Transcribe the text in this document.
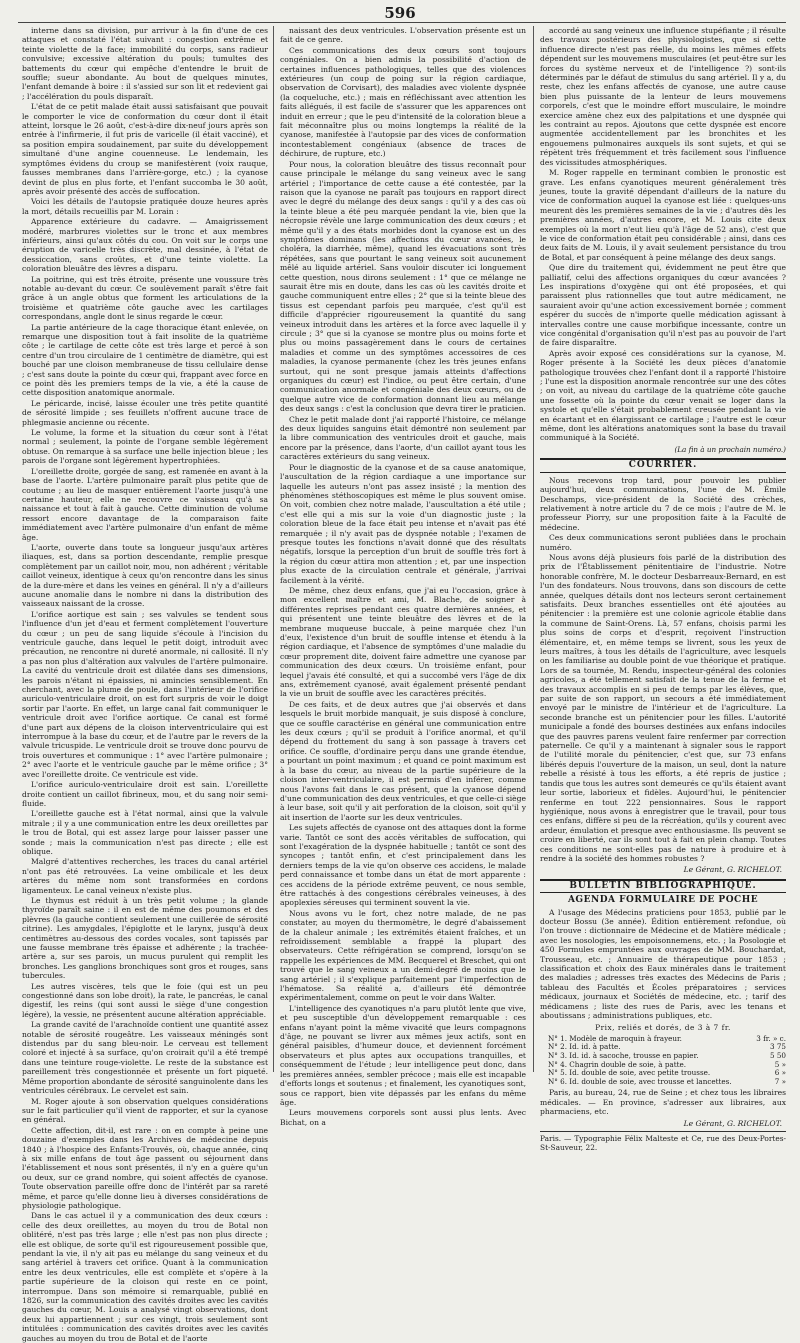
596

interne dans sa division, pur arrivur à la fin d'une de ces attaques et constaté l'état suivant : congestion extrême et teinte violette de la face; immobilité du corps, sans radieur convulsive; excessive altération du pouls; tumultes des battements du cœur qui empêche d'entendre le bruit de souffle; sueur abondante. Au bout de quelques minutes, l'enfant demande à boire : il s'assied sur son lit et redevient gai ; l'accélération du pouls disparaît.

L'état de ce petit malade était aussi satisfaisant que pouvait le comporter le vice de conformation du cœur dont il était atteint, lorsque le 26 août, c'est-à-dire dix-neuf jours après son entrée à l'infirmerie, il fut pris de varicelle (il était vacciné), et sa position empira soudainement, par suite du développement simultané d'une angine couenneuse. Le lendemain, les symptômes évidens du croup se manifestèrent (voix rauque, fausses membranes dans l'arrière-gorge, etc.) ; la cyanose devint de plus en plus forte, et l'enfant succomba le 30 août, après avoir présenté des accès de suffocation.

Voici les détails de l'autopsie pratiquée douze heures après la mort, détails recueillis par M. Lorain :

Apparence extérieure du cadavre. — Amaigrissement modéré, marbrures violettes sur le tronc et aux membres inférieurs, ainsi qu'aux côtés du cou. On voit sur le corps une éruption de varicelle très discrète, mal dessinée, à l'état de dessiccation, sans croûtes, et d'une teinte violette. La coloration bleuâtre des lèvres a disparu.

La poitrine, qui est très étroite, présente une voussure très notable au-devant du cœur. Ce soulèvement paraît s'être fait grâce à un angle obtus que forment les articulations de la troisième et quatrième côte gauche avec les cartilages correspondans, angle dont le sinus regarde le cœur.

La partie antérieure de la cage thoracique étant enlevée, on remarque une disposition tout à fait insolite de la quatrième côte ; le cartilage de cette côte est très large et percé à son centre d'un trou circulaire de 1 centimètre de diamètre, qui est bouché par une cloison membraneuse de tissu cellulaire dense ; c'est sans doute la pointe du cœur qui, frappant avec force en ce point dès les premiers temps de la vie, a été la cause de cette disposition anatomique anormale.

Le péricarde, incisé, laisse écouler une très petite quantité de sérosité limpide ; ses feuillets n'offrent aucune trace de phlegmasie ancienne ou récente.

Le volume, la forme et la situation du cœur sont à l'état normal ; seulement, la pointe de l'organe semble légèrement obtuse. On remarque à sa surface une belle injection bleue ; les parois de l'organe sont légèrement hypertrophiées.

L'oreillette droite, gorgée de sang, est ramenée en avant à la base de l'aorte. L'artère pulmonaire paraît plus petite que de coutume ; au lieu de masquer entièrement l'aorte jusqu'à une certaine hauteur, elle ne recouvre ce vaisseau qu'à sa naissance et tout à fait à gauche. Cette diminution de volume ressort encore davantage de la comparaison faite immédiatement avec l'artère pulmonaire d'un enfant de même âge.

L'aorte, ouverte dans toute sa longueur jusqu'aux artères iliaques, est, dans sa portion descendante, remplie presque complètement par un caillot noir, mou, non adhérent ; véritable caillot veineux, identique à ceux qu'on rencontre dans les sinus de la dure-mère et dans les veines en général. Il n'y a d'ailleurs aucune anomalie dans le nombre ni dans la distribution des vaisseaux naissant de la crosse.

L'orifice aortique est sain ; ses valvules se tendent sous l'influence d'un jet d'eau et ferment complètement l'ouverture du cœur ; un peu de sang liquide s'écoule à l'incision du ventricule gauche, dans lequel le petit doigt, introduit avec précaution, ne rencontre ni dureté anormale, ni callosité. Il n'y a pas non plus d'altération aux valvules de l'artère pulmonaire. La cavité du ventricule droit est dilatée dans ses dimensions, les parois n'étant ni épaissies, ni amincies sensiblement. En cherchant, avec la plume de poule, dans l'intérieur de l'orifice auriculo-ventriculaire droit, on est fort surpris de voir le doigt sortir par l'aorte. En effet, un large canal fait communiquer le ventricule droit avec l'orifice aortique. Ce canal est formé d'une part aux dépens de la cloison interventriculaire qui est interrompue à la base du cœur, et de l'autre par le revers de la valvule tricuspide. Le ventricule droit se trouve donc pourvu de trois ouvertures et communique : 1° avec l'artère pulmonaire ; 2° avec l'aorte et le ventricule gauche par le même orifice ; 3° avec l'oreillette droite. Ce ventricule est vide.

L'orifice auriculo-ventriculaire droit est sain. L'oreillette droite contient un caillot fibrineux, mou, et du sang noir semi-fluide.

L'oreillette gauche est à l'état normal, ainsi que la valvule mitrale ; il y a une communication entre les deux oreillettes par le trou de Botal, qui est assez large pour laisser passer une sonde ; mais la communication n'est pas directe ; elle est oblique.

Malgré d'attentives recherches, les traces du canal artériel n'ont pas été retrouvées. La veine ombilicale et les deux artères du même nom sont transformées en cordons ligamenteux. Le canal veineux n'existe plus.

Le thymus est réduit à un très petit volume ; la glande thyroïde paraît saine : il en est de même des poumons et des plèvres (la gauche contient seulement une cuillerée de sérosité citrine). Les amygdales, l'épiglotte et le larynx, jusqu'à deux centimètres au-dessous des cordes vocales, sont tapissés par une fausse membrane très épaisse et adhérente ; la trachée-artère a, sur ses parois, un mucus purulent qui remplit les bronches. Les ganglions bronchiques sont gros et rouges, sans tubercules.

Les autres viscères, tels que le foie (qui est un peu congestionné dans son lobe droit), la rate, le pancréas, le canal digestif, les reins (qui sont aussi le siège d'une congestion légère), la vessie, ne présentent aucune altération appréciable.

La grande cavité de l'arachnoïde contient une quantité assez notable de sérosité rougeâtre. Les vaisseaux méningés sont distendus par du sang bleu-noir. Le cerveau est tellement coloré et injecté à sa surface, qu'on croirait qu'il a été trempé dans une teinture rouge-violette. Le reste de la substance est pareillement très congestionnée et présente un fort piqueté. Même proportion abondante de sérosité sanguinolente dans les ventricules cérébraux. Le cervelet est sain.

M. Roger ajoute à son observation quelques considérations sur le fait particulier qu'il vient de rapporter, et sur la cyanose en général.

Cette affection, dit-il, est rare : on en compte à peine une douzaine d'exemples dans les Archives de médecine depuis 1840 ; à l'hospice des Enfants-Trouvés, où, chaque année, cinq à six mille enfans de tout âge passent ou séjournent dans l'établissement et nous sont présentés, il n'y en a guère qu'un ou deux, sur ce grand nombre, qui soient affectés de cyanose. Toute observation pareille offre donc de l'intérêt par sa rareté même, et parce qu'elle donne lieu à diverses considérations de physiologie pathologique.

Dans le cas actuel il y a communication des deux cœurs : celle des deux oreillettes, au moyen du trou de Botal non oblitéré, n'est pas très large ; elle n'est pas non plus directe ; elle est oblique, de sorte qu'il est rigoureusement possible que, pendant la vie, il n'y ait pas eu mélange du sang veineux et du sang artériel à travers cet orifice. Quant à la communication entre les deux ventricules, elle est complète et s'opère à la partie supérieure de la cloison qui reste en ce point, interrompue. Dans son mémoire si remarquable, publié en 1826, sur la communication des cavités droites avec les cavités gauches du cœur, M. Louis a analysé vingt observations, dont deux lui appartiennent ; sur ces vingt, trois seulement sont intitulées : communication des cavités droites avec les cavités gauches au moyen du trou de Botal et de l'aorte

naissant des deux ventricules. L'observation présente est un fait de ce genre.

Ces communications des deux cœurs sont toujours congéniales. On a bien admis la possibilité d'action de certaines influences pathologiques, telles que des violences extérieures (un coup de poing sur la région cardiaque, observation de Corvisart), des maladies avec violente dyspnée (la coqueluche, etc.) ; mais en réfléchissant avec attention les faits allégués, il est facile de s'assurer que les apparences ont induit en erreur ; que le peu d'intensité de la coloration bleue a fait méconnaître plus ou moins longtemps la réalité de la cyanose, manifestée à l'autopsie par des vices de conformation incontestablement congéniaux (absence de traces de déchirure, de rupture, etc.)

Pour nous, la coloration bleuâtre des tissus reconnaît pour cause principale le mélange du sang veineux avec le sang artériel ; l'importance de cette cause a été contestée, par la raison que la cyanose ne paraît pas toujours en rapport direct avec le degré du mélange des deux sangs : qu'il y a des cas où la teinte bleue a été peu marquée pendant la vie, bien que la nécropsie révèle une large communication des deux cœurs ; et même qu'il y a des états morbides dont la cyanose est un des symptômes dominans (les affections du cœur avancées, le choléra, la diarrhée, même), quand les évacuations sont très répétées, sans que pourtant le sang veineux soit aucunement mêlé au liquide artériel. Sans vouloir discuter ici longuement cette question, nous dirons seulement : 1° que ce mélange ne saurait être mis en doute, dans les cas où les cavités droite et gauche communiquent entre elles ; 2° que si la teinte bleue des tissus est cependant parfois peu marquée, c'est qu'il est difficile d'apprécier rigoureusement la quantité du sang veineux introduit dans les artères et la force avec laquelle il y circule ; 3° que si la cyanose se montre plus ou moins forte et plus ou moins passagèrement dans le cours de certaines maladies et comme un des symptômes accessoires de ces maladies, la cyanose permanente (chez les très jeunes enfans surtout, qui ne sont presque jamais atteints d'affections organiques du cœur) est l'indice, ou peut être certain, d'une communication anormale et congéniale des deux cœurs, ou de quelque autre vice de conformation donnant lieu au mélange des deux sangs : c'est la conclusion que devra tirer le praticien.

Chez le petit malade dont j'ai rapporté l'histoire, ce mélange des deux liquides sanguins était démontré non seulement par la libre communication des ventricules droit et gauche, mais encore par la présence, dans l'aorte, d'un caillot ayant tous les caractères extérieurs du sang veineux.

Pour le diagnostic de la cyanose et de sa cause anatomique, l'auscultation de la région cardiaque a une importance sur laquelle les auteurs n'ont pas assez insisté ; la mention des phénomènes stéthoscopiques est même le plus souvent omise. On voit, combien chez notre malade, l'auscultation a été utile ; c'est elle qui a mis sur la voie d'un diagnostic juste ; la coloration bleue de la face était peu intense et n'avait pas été remarquée ; il n'y avait pas de dyspnée notable ; l'examen de presque toutes les fonctions n'avait donné que des résultats négatifs, lorsque la perception d'un bruit de souffle très fort à la région du cœur attira mon attention ; et, par une inspection plus exacte de la circulation centrale et générale, j'arrivai facilement à la vérité.

De même, chez deux enfans, que j'ai eu l'occasion, grâce à mon excellent maître et ami, M. Blache, de soigner à différentes reprises pendant ces quatre dernières années, et qui présentent une teinte bleuâtre des lèvres et de la membrane muqueuse buccale, à peine marquée chez l'un d'eux, l'existence d'un bruit de souffle intense et étendu à la région cardiaque, et l'absence de symptômes d'une maladie du cœur proprement dite, doivent faire admettre une cyanose par communication des deux cœurs. Un troisième enfant, pour lequel j'avais été consulté, et qui a succombé vers l'âge de dix ans, extrêmement cyanosé, avait également présenté pendant la vie un bruit de souffle avec les caractères précités.

De ces faits, et de deux autres que j'ai observés et dans lesquels le bruit morbide manquait, je suis disposé à conclure, que ce souffle caractérise en général une communication entre les deux cœurs ; qu'il se produit à l'orifice anormal, et qu'il dépend du frottement du sang à son passage à travers cet orifice. Ce souffle, d'ordinaire perçu dans une grande étendue, a pourtant un point maximum ; et quand ce point maximum est à la base du cœur, au niveau de la partie supérieure de la cloison inter-ventriculaire, il est permis d'en inférer, comme nous l'avons fait dans le cas présent, que la cyanose dépend d'une communication des deux ventricules, et que celle-ci siège à leur base, soit qu'il y ait perforation de la cloison, soit qu'il y ait insertion de l'aorte sur les deux ventricules.

Les sujets affectés de cyanose ont des attaques dont la forme varie. Tantôt ce sont des accès véritables de suffocation, qui sont l'exagération de la dyspnée habituelle ; tantôt ce sont des syncopes ; tantôt enfin, et c'est principalement dans les derniers temps de la vie qu'on observe ces accidens, le malade perd connaissance et tombe dans un état de mort apparente : ces accidens de la période extrême peuvent, ce nous semble, être rattachés à des congestions cérébrales veineuses, à des apoplexies séreuses qui terminent souvent la vie.

Nous avons vu le fort, chez notre malade, de ne pas constater, au moyen du thermomètre, le degré d'abaissement de la chaleur animale ; les extrémités étaient fraîches, et un refroidissement semblable a frappé la plupart des observateurs. Cette réfrigération se comprend, lorsqu'on se rappelle les expériences de MM. Becquerel et Breschet, qui ont trouvé que le sang veineux a un demi-degré de moins que le sang artériel ; il s'explique parfaitement par l'imperfection de l'hématose. Sa réalité a, d'ailleurs été démontrée expérimentalement, comme on peut le voir dans Walter.

L'intelligence des cyanotiques n'a paru plutôt lente que vive, et peu susceptible d'un développement remarquable : ces enfans n'ayant point la même vivacité que leurs compagnons d'âge, ne pouvant se livrer aux mêmes jeux actifs, sont en général paisibles, d'humeur douce, et deviennent forcément observateurs et plus aptes aux occupations tranquilles, et conséquemment de l'étude ; leur intelligence peut donc, dans les premières années, sembler précoce ; mais elle est incapable d'efforts longs et soutenus ; et finalement, les cyanotiques sont, sous ce rapport, bien vite dépassés par les enfans du même âge.

Leurs mouvemens corporels sont aussi plus lents. Avec Bichat, on a

accordé au sang veineux une influence stupéfiante ; il résulte des travaux postérieurs des physiologistes, que si cette influence directe n'est pas réelle, du moins les mêmes effets dépendent sur les mouvemens musculaires (et peut-être sur les forces du système nerveux et de l'intelligence ?) sont-ils déterminés par le défaut de stimulus du sang artériel. Il y a, du reste, chez les enfans affectés de cyanose, une autre cause bien plus puissante de la lenteur de leurs mouvemens corporels, c'est que le moindre effort musculaire, le moindre exercice amène chez eux des palpitations et une dyspnée qui les contraint au repos. Ajoutons que cette dyspnée est encore augmentée accidentellement par les bronchites et les engouemens pulmonaires auxquels ils sont sujets, et qui se répètent très fréquemment et très facilement sous l'influence des vicissitudes atmosphériques.

M. Roger rappelle en terminant combien le pronostic est grave. Les enfans cyanotiques meurent généralement très jeunes, toute la gravité dépendant d'ailleurs de la nature du vice de conformation auquel la cyanose est liée : quelques-uns meurent dès les premières semaines de la vie ; d'autres dès les premières années, d'autres encore, et M. Louis cite deux exemples où la mort n'eut lieu qu'à l'âge de 52 ans), c'est que le vice de conformation était peu considérable ; ainsi, dans ces deux faits de M. Louis, il y avait seulement persistance du trou de Botal, et par conséquent à peine mélange des deux sangs.

Que dire du traitement qui, évidemment ne peut être que palliatif, celui des affections organiques du cœur avancées ? Les inspirations d'oxygène qui ont été proposées, et qui paraissent plus rationnelles que tout autre médicament, ne sauraient avoir qu'une action excessivement bornée ; comment espérer du succès de n'importe quelle médication agissant à intervalles contre une cause morbifique incessante, contre un vice congénital d'organisation qu'il n'est pas au pouvoir de l'art de faire disparaître.

Après avoir exposé ces considérations sur la cyanose, M. Roger présente à la Société les deux pièces d'anatomie pathologique trouvées chez l'enfant dont il a rapporté l'histoire ; l'une est la disposition anormale rencontrée sur une des côtes ; on voit, au niveau du cartilage de la quatrième côte gauche une fossette où la pointe du cœur venait se loger dans la systole et qu'elle s'était probablement creusée pendant la vie en écartant et en élargissant ce cartilage ; l'autre est le cœur même, dont les altérations anatomiques sont la base du travail communiqué à la Société.

(La fin à un prochain numéro.)
COURRIER.

Nous recevons trop tard, pour pouvoir les publier aujourd'hui, deux communications, l'une de M. Émile Deschamps, vice-président de la Société des crèches, relativement à notre article du 7 de ce mois ; l'autre de M. le professeur Piorry, sur une proposition faite à la Faculté de médecine.

Ces deux communications seront publiées dans le prochain numéro.

Nous avons déjà plusieurs fois parlé de la distribution des prix de l'Établissement pénitentiaire de l'industrie. Notre honorable confrère, M. le docteur Desbarreaux-Bernard, en est l'un des fondateurs. Nous trouvons, dans son discours de cette année, quelques détails dont nos lecteurs seront certainement satisfaits. Deux branches essentielles ont été ajoutées au pénitencier : la première est une colonie agricole établie dans la commune de Saint-Orens. Là, 57 enfans, choisis parmi les plus soins de corps et d'esprit, reçoivent l'instruction élémentaire, et, en même temps se livrent, sous les yeux de leurs maîtres, à tous les détails de l'agriculture, avec lesquels on les familiarise au double point de vue théorique et pratique. Lors de sa tournée, M. Rendu, inspecteur-général des colonies agricoles, a été tellement satisfait de la tenue de la ferme et des travaux accomplis en si peu de temps par les élèves, que, par suite de son rapport, un secours a été immédiatement envoyé par le ministre de l'intérieur et de l'agriculture. La seconde branche est un pénitencier pour les filles. L'autorité municipale a fondé des bourses destinées aux enfans indociles que des pauvres parens veulent faire renfermer par correction paternelle. Ce qu'il y a maintenant à signaler sous le rapport de l'utilité morale du pénitencier, c'est que, sur 73 enfans libérés depuis l'ouverture de la maison, un seul, dont la nature rebelle a résisté à tous les efforts, a été repris de justice ; tandis que tous les autres sont demeurés ce qu'ils étaient avant leur sortie, laborieux et fidèles. Aujourd'hui, le pénitencier renferme en tout 222 pensionnaires. Sous le rapport hygiénique, nous avons à enregistrer que le travail, pour tous ces enfans, diffère si peu de la récréation, qu'ils y courent avec ardeur, émulation et presque avec enthousiasme. Ils peuvent se croire en liberté, car ils sont tout à fait en plein champ. Toutes ces conditions ne sont-elles pas de nature à produire et à rendre à la société des hommes robustes ?

Le Gérant, G. RICHELOT.
BULLETIN BIBLIOGRAPHIQUE.
AGENDA FORMULAIRE DE POCHE

A l'usage des Médecins praticiens pour 1853, publié par le docteur Bossu (3e année). Édition entièrement refondue, où l'on trouve : dictionnaire de Médecine et de Matière médicale ; avec les nosologies, les empoisonnemens, etc. ; la Posologie et 450 Formules empruntées aux ouvrages de MM. Bouchardat, Trousseau, etc. ; Annuaire de thérapeutique pour 1853 ; classification et choix des Eaux minérales dans le traitement des maladies ; adresses très exactes des Médecins de Paris ; tableau des Facultés et Écoles préparatoires ; services médicaux, journaux et Sociétés de médecine, etc. ; tarif des médicamens ; liste des rues de Paris, avec les tenans et aboutissans ; administrations publiques, etc.

Prix, reliés et dorés, de 3 à 7 fr.
N° 1. Modèle de maroquin à frayeur.	3 fr. » c.
N° 2. Id. id. à patte.	3 75
N° 3. Id. id. à sacoche, trousse en papier.	5 50
N° 4. Chagrin double de soie, à patte.	5 »
N° 5. Id. double de soie, avec petite trousse.	6 »
N° 6. Id. double de soie, avec trousse et lancettes.	7 »

Paris, au bureau, 24, rue de Seine ; et chez tous les libraires médicales. — En province, s'adresser aux libraires, aux pharmaciens, etc.

Le Gérant, G. RICHELOT.
Paris. — Typographie Félix Malteste et Ce, rue des Deux-Portes-St-Sauveur, 22.
